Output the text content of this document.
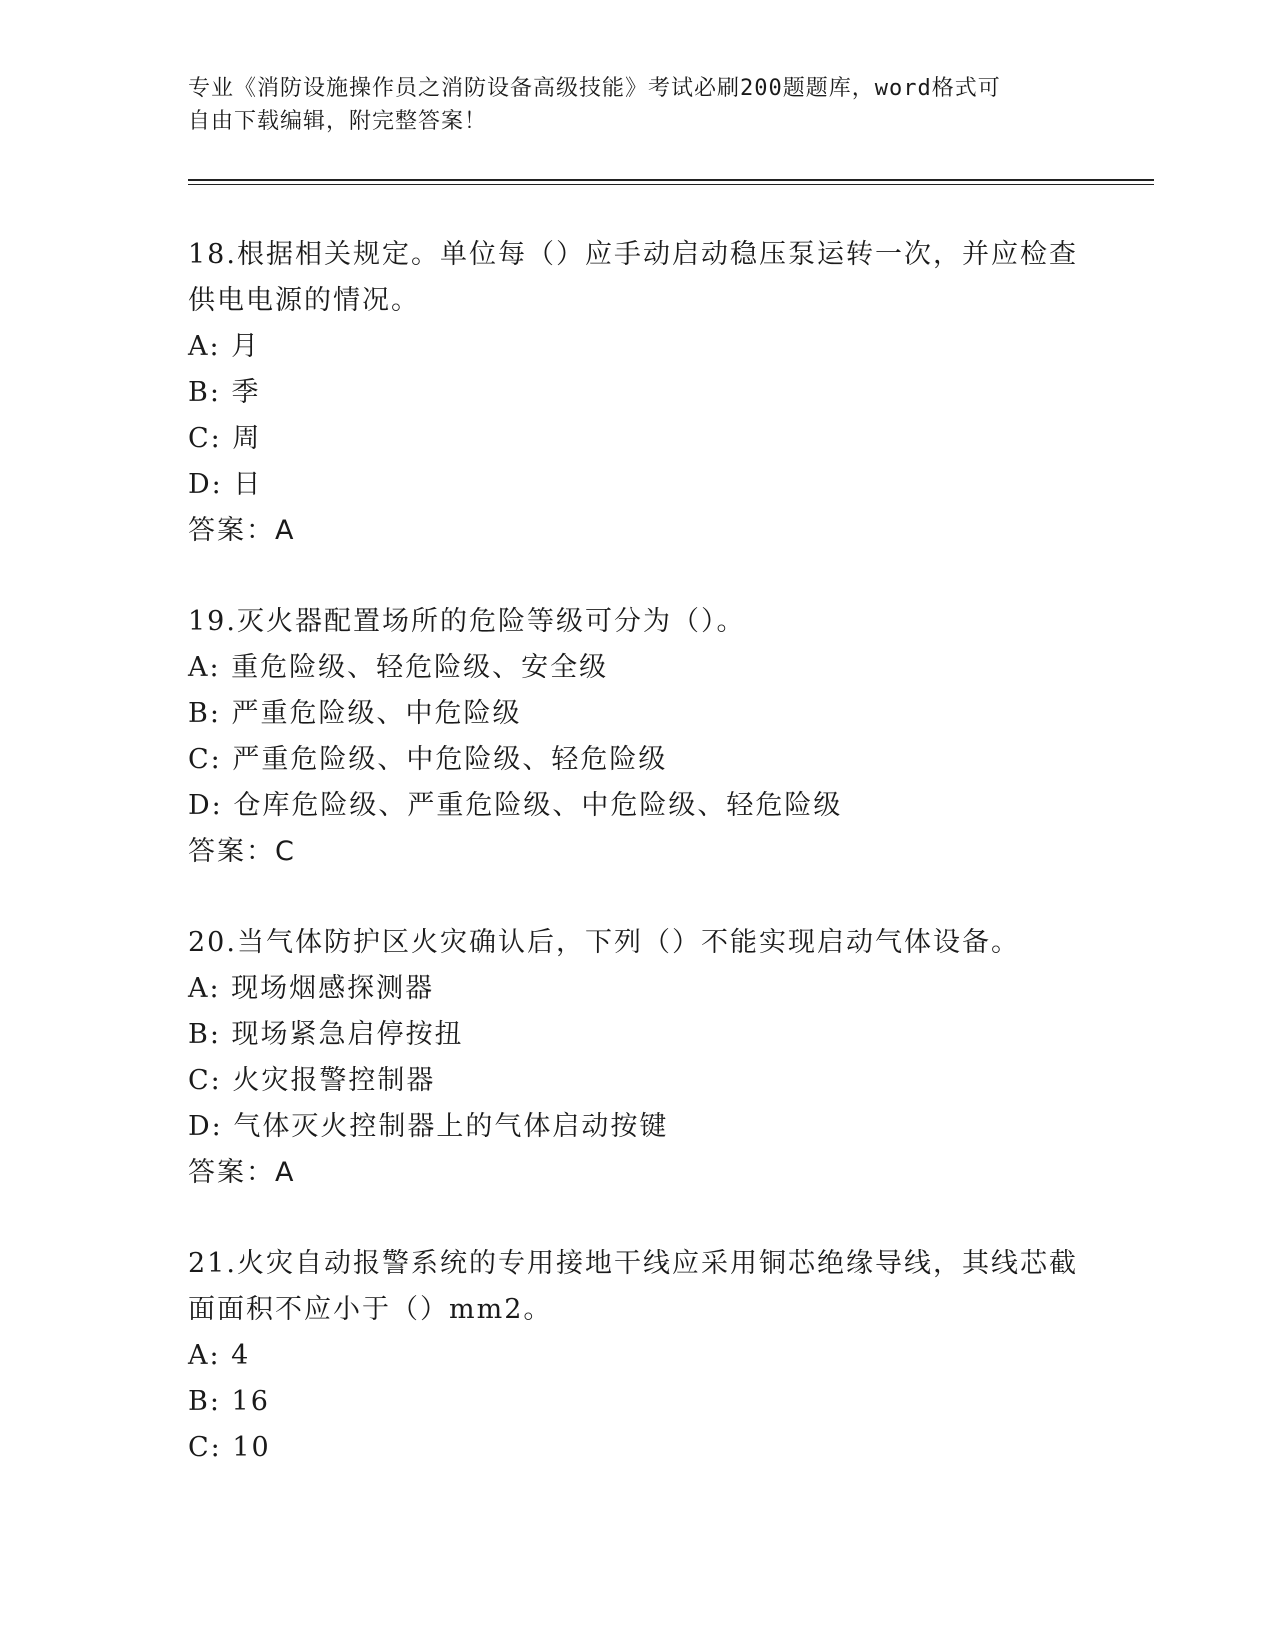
专业《消防设施操作员之消防设备高级技能》考试必刷200题题库，word格式可
自由下载编辑，附完整答案！
18.根据相关规定。单位每（）应手动启动稳压泵运转一次，并应检查供电电源的情况。
A: 月
B: 季
C: 周
D: 日
答案：A
19.灭火器配置场所的危险等级可分为（）。
A: 重危险级、轻危险级、安全级
B: 严重危险级、中危险级
C: 严重危险级、中危险级、轻危险级
D: 仓库危险级、严重危险级、中危险级、轻危险级
答案：C
20.当气体防护区火灾确认后，下列（）不能实现启动气体设备。
A: 现场烟感探测器
B: 现场紧急启停按扭
C: 火灾报警控制器
D: 气体灭火控制器上的气体启动按键
答案：A
21.火灾自动报警系统的专用接地干线应采用铜芯绝缘导线，其线芯截面面积不应小于（）mm2。
A: 4
B: 16
C: 10
